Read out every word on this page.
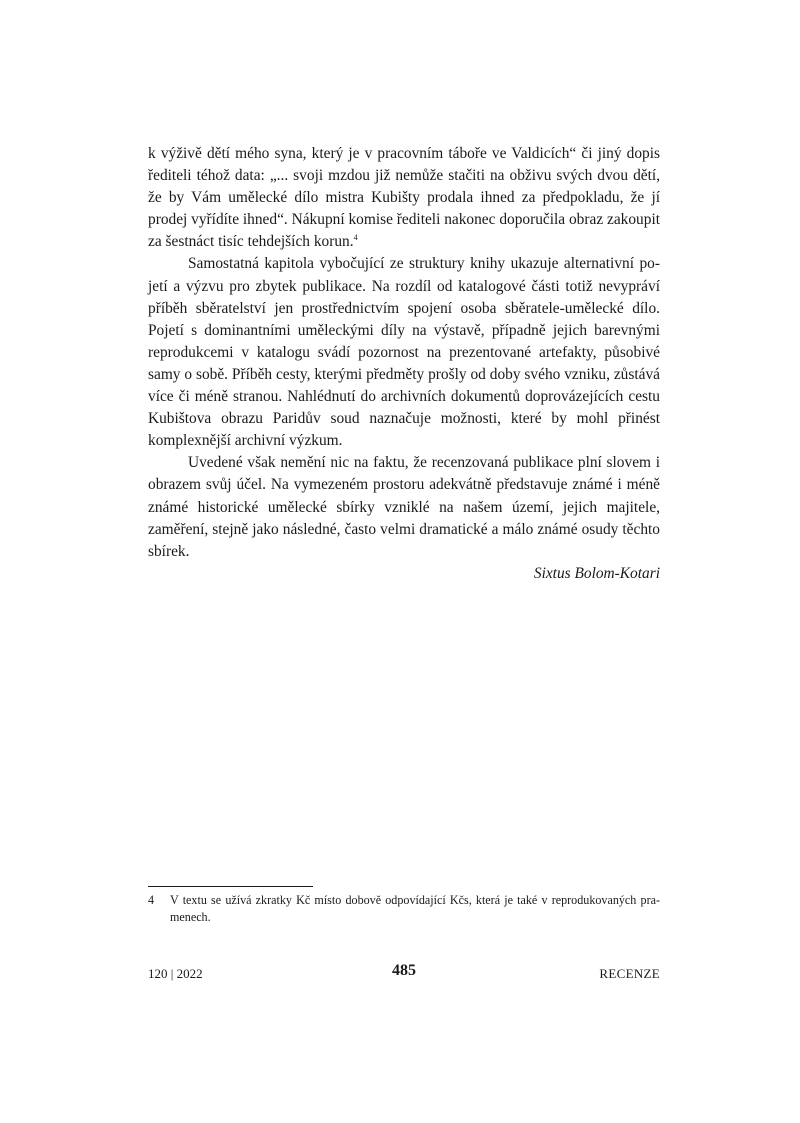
k výživě dětí mého syna, který je v pracovním táboře ve Valdicích“ či jiný dopis řediteli téhož data: „... svoji mzdou již nemůže stačiti na obživu svých dvou dětí, že by Vám umělecké dílo mistra Kubišty prodala ihned za předpokladu, že jí prodej vyřídíte ihned“. Nákupní komise řediteli nakonec doporučila obraz zakoupit za šestnáct tisíc tehdejších korun.$^4$

Samostatná kapitola vybočující ze struktury knihy ukazuje alternativní pojetí a výzvu pro zbytek publikace. Na rozdíl od katalogové části totiž nevypráví příběh sběratelství jen prostřednictvím spojení osoba sběratele-umělecké dílo. Pojetí s dominantními uměleckými díly na výstavě, případně jejich barevnými reprodukcemi v katalogu svádí pozornost na prezentované artefakty, působivé samy o sobě. Příběh cesty, kterými předměty prošly od doby svého vzniku, zůstává více či méně stranou. Nahlédnutí do archivních dokumentů doprovázejících cestu Kubištova obrazu Paridův soud naznačuje možnosti, které by mohl přinést komplexnější archivní výzkum.

Uvedené však nemění nic na faktu, že recenzovaná publikace plní slovem i obrazem svůj účel. Na vymezeném prostoru adekvátně představuje známé i méně známé historické umělecké sbírky vzniklé na našem území, jejich majitele, zaměření, stejně jako následné, často velmi dramatické a málo známé osudy těchto sbírek.

Sixtus Bolom-Kotari

4 V textu se užívá zkratky Kč místo dobově odpovídající Kčs, která je také v reprodukovaných pramenech.
120 | 2022	485	RECENZE
